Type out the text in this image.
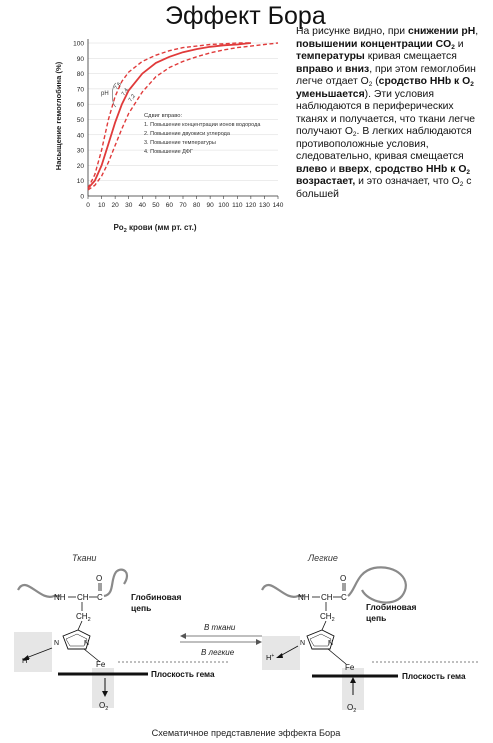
Эффект Бора
0
10
20
30
40
50
60
70
80
90
100
0 10 20 30 40 50 60 70 80 90 100 110 120 130 140
pH
7,6
7,4
7,2
Сдвиг вправо:
1. Повышение концентрации ионов водорода
2. Повышение двуокиси углерода
3. Повышение температуры
4. Повышение ДФГ
Насыщение гемоглобина (%)
$Po_2$ крови (мм рт. ст.)
На рисунке видно, при снижении pH, повышении концентрации $CO_2$ и температуры кривая смещается вправо и вниз, при этом гемоглобин легче отдает $O_2$ (сродство HHb к $O_2$ уменьшается). Эти условия наблюдаются в периферических тканях и получается, что ткани легче получают $O_2$. В легких наблюдаются противоположные условия, следовательно, кривая смещается влево и вверх, сродство HHb к $O_2$ возрастает, и это означает, что $O_2$ с большей
Ткани
NH CH C
O
Глобиновая
цепь
$CH_2$
N	N
H+
Fe
$O_2$
Плоскость гема
В ткани
В легкие
Легкие
NH CH C
O
Глобиновая
цепь
$CH_2$
N	N
H+
Fe
$O_2$
Плоскость гема
Схематичное представление эффекта Бора
